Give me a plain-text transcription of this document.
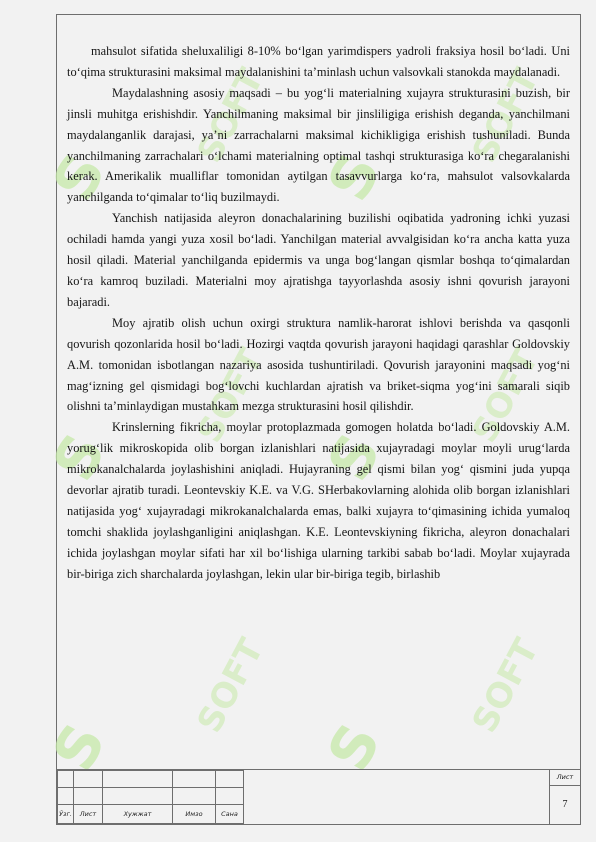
S
S
S
S
S
S
SOFT
SOFT
SOFT
SOFT
SOFT
SOFT

mahsulot sifatida sheluxaliligi 8-10% bo‘lgan yarimdispers yadroli fraksiya hosil bo‘ladi. Uni to‘qima strukturasini maksimal maydalanishini ta’minlash uchun valsovkali stanokda maydalanadi.

Maydalashning asosiy maqsadi – bu yog‘li materialning xujayra strukturasini buzish, bir jinsli muhitga erishishdir. Yanchilmaning maksimal bir jinsliligiga erishish deganda, yanchilmani maydalanganlik darajasi, ya’ni zarrachalarni maksimal kichikligiga erishish tushuniladi. Bunda yanchilmaning zarrachalari o‘lchami materialning optimal tashqi strukturasiga ko‘ra chegaralanishi kerak. Amerikalik mualliflar tomonidan aytilgan tasavvurlarga ko‘ra, mahsulot valsovkalarda yanchilganda to‘qimalar to‘liq buzilmaydi.

Yanchish natijasida aleyron donachalarining buzilishi oqibatida yadroning ichki yuzasi ochiladi hamda yangi yuza xosil bo‘ladi. Yanchilgan material avvalgisidan ko‘ra ancha katta yuza hosil qiladi. Material yanchilganda epidermis va unga bog‘langan qismlar boshqa to‘qimalardan ko‘ra kamroq buziladi. Materialni moy ajratishga tayyorlashda asosiy ishni qovurish jarayoni bajaradi.

Moy ajratib olish uchun oxirgi struktura namlik-harorat ishlovi berishda va qasqonli qovurish qozonlarida hosil bo‘ladi. Hozirgi vaqtda qovurish jarayoni haqidagi qarashlar Goldovskiy A.M. tomonidan isbotlangan nazariya asosida tushuntiriladi. Qovurish jarayonini maqsadi yog‘ni mag‘izning gel qismidagi bog‘lovchi kuchlardan ajratish va briket-siqma yog‘ini samarali siqib olishni ta’minlaydigan mustahkam mezga strukturasini hosil qilishdir.

Krinslerning fikricha, moylar protoplazmada gomogen holatda bo‘ladi. Goldovskiy A.M. yorug‘lik mikroskopida olib borgan izlanishlari natijasida xujayradagi moylar moyli urug‘larda mikrokanalchalarda joylashishini aniqladi. Hujayraning gel qismi bilan yog‘ qismini juda yupqa devorlar ajratib turadi. Leontevskiy K.E. va V.G. SHerbakovlarning alohida olib borgan izlanishlari natijasida yog‘ xujayradagi mikrokanalchalarda emas, balki xujayra to‘qimasining ichida yumaloq tomchi shaklida joylashganligini aniqlashgan. K.E. Leontevskiyning fikricha, aleyron donachalari ichida joylashgan moylar sifati har xil bo‘lishiga ularning tarkibi sabab bo‘ladi. Moylar xujayrada bir-biriga zich sharchalarda joylashgan, lekin ular bir-biriga tegib, birlashib

Ўзг.	Лист	Хужжат	Имзо	Сана
Лист
7
